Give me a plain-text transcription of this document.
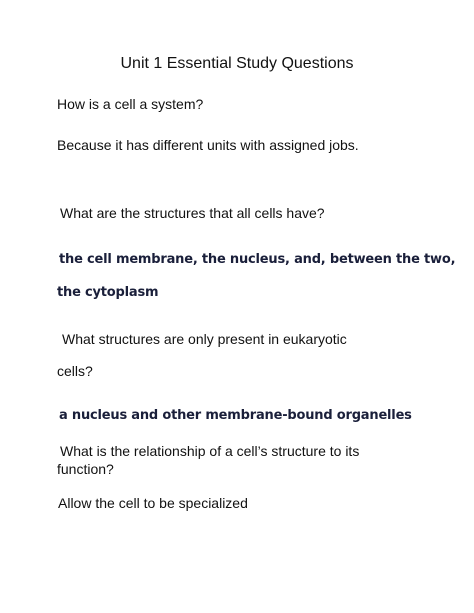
Unit 1 Essential Study Questions

How is a cell a system?

Because it has different units with assigned jobs.

What are the structures that all cells have?

the cell membrane, the nucleus, and, between the two,

the cytoplasm

What structures are only present in eukaryotic

cells?

a nucleus and other membrane-bound organelles

What is the relationship of a cell’s structure to its

function?

Allow the cell to be specialized
